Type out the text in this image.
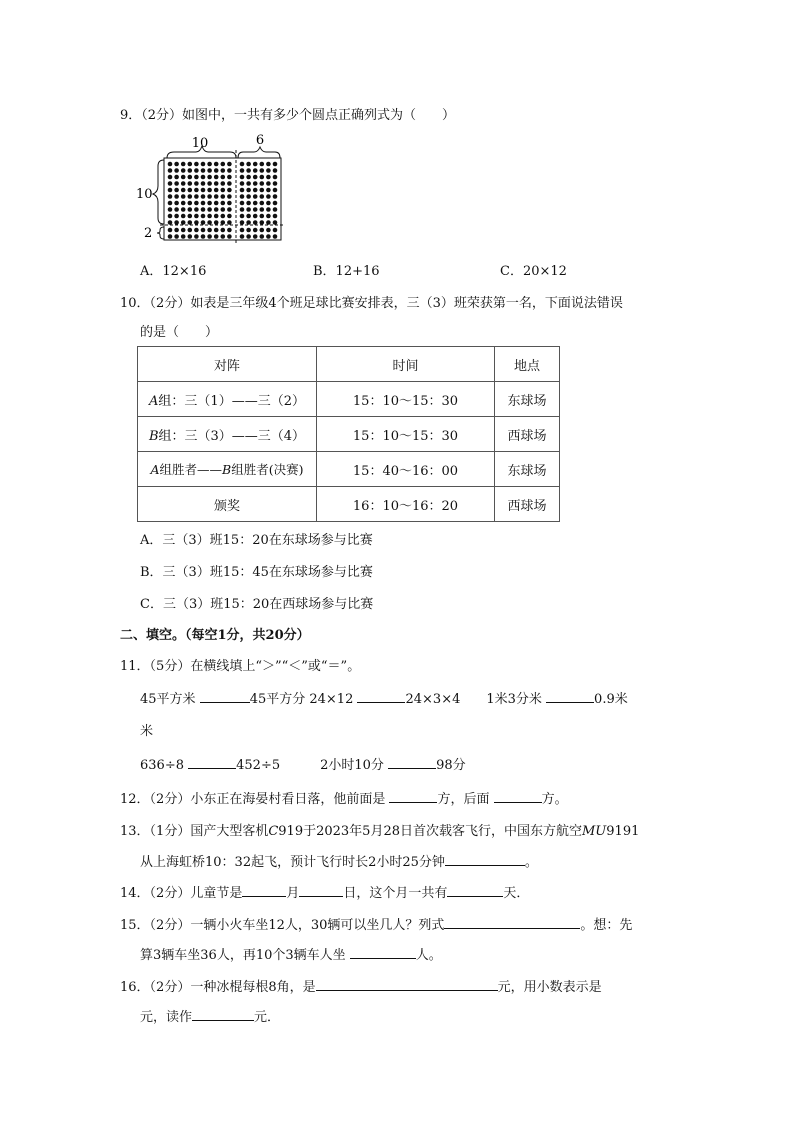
9．（2分）如图中，一共有多少个圆点正确列式为（　　）
10	6
10
2
A．12×16	B．12+16	C．20×12
10．（2分）如表是三年级4个班足球比赛安排表，三（3）班荣获第一名，下面说法错误
的是（　　）
对阵	时间	地点
A组：三（1）——三（2）	15：10～15：30	东球场
B组：三（3）——三（4）	15：10～15：30	西球场
A组胜者——B组胜者(决赛)	15：40～16：00	东球场
颁奖	16：10～16：20	西球场
A．三（3）班15：20在东球场参与比赛
B．三（3）班15：45在东球场参与比赛
C．三（3）班15：20在西球场参与比赛
二、填空。（每空1分，共20分）
11．（5分）在横线填上“＞”“＜”或“＝”。
45平方米	45平方分 24×12	24×3×4 1米3分米	0.9米
米
636÷8	452÷5	2小时10分	98分
12．（2分）小东正在海晏村看日落，他前面是	方，后面	方。
13．（1分）国产大型客机C919于2023年5月28日首次载客飞行，中国东方航空MU9191
从上海虹桥10：32起飞，预计飞行时长2小时25分钟	。
14．（2分）儿童节是	月	日，这个月一共有	天．
15．（2分）一辆小火车坐12人，30辆可以坐几人？列式	。想：先
算3辆车坐36人，再10个3辆车人坐	人。
16．（2分）一种冰棍每根8角，是	元，用小数表示是
元，读作	元．
